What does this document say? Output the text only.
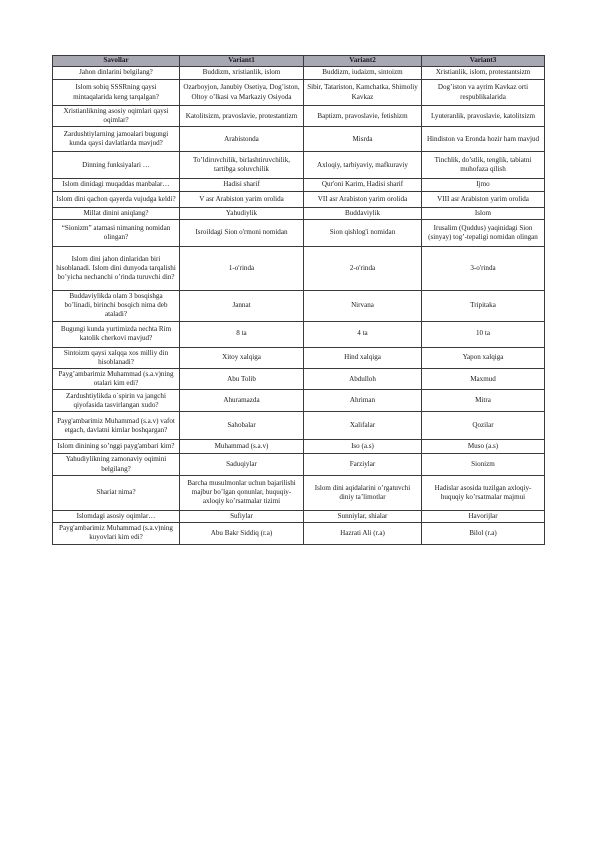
Savollar	Variant1	Variant2	Variant3
Jahon dinlarini belgilang?	Buddizm, xristianlik, islom	Buddizm, iudaizm, sintoizm	Xristianlik, islom, protestantsizm
Islom sobiq SSSRning qaysi mintaqalarida keng tarqalgan?	Ozarboyjon, Janubiy Osetiya, Dog’iston, Oltoy o’lkasi va Markaziy Osiyoda	Sibir, Tatariston, Kamchatka, Shimoliy Kavkaz	Dog’iston va ayrim Kavkaz orti respublikalarida
Xristianlikning asosiy oqimlari qaysi oqimlar?	Katolitsizm, pravoslavie, protestantizm	Baptizm, pravoslavie, fetishizm	Lyuteranlik, pravoslavie, katolitsizm
Zardushtiylarning jamoalari bugungi kunda qaysi davlatlarda mavjud?	Arabistonda	Misrda	Hindiston va Eronda hozir ham mavjud
Dinning funksiyalari …	To’ldiruvchilik, birlashtiruvchilik, tartibga soluvchilik	Axloqiy, tarbiyaviy, mafkuraviy	Tinchlik, do’stlik, tenglik, tabiatni muhofaza qilish
Islom dinidagi muqaddas manbalar…	Hadisi sharif	Qur'oni Karim, Hadisi sharif	Ijmo
Islom dini qachon qayerda vujudga keldi?	V asr Arabiston yarim orolida	VII asr Arabiston yarim orolida	VIII asr Arabiston yarim orolida
Millat dinini aniqlang?	Yahudiylik	Buddaviylik	Islom
“Sionizm” atamasi nimaning nomidan olingan?	Isroildagi Sion o'rmoni nomidan	Sion qishlog'i nomidan	Irusalim (Quddus) yaqinidagi Sion (sinyay) tog’-tepaligi nomidan olingan
Islom dini jahon dinlaridan biri hisoblanadi. Islom dini dunyoda tarqalishi bo’yicha nechanchi o’rinda turuvchi din?	1-o'rinda	2-o'rinda	3-o'rinda
Buddaviylikda olam 3 bosqishga bo’linadi, birinchi bosqich nima deb ataladi?	Jannat	Nirvana	Tripitaka
Bugungi kunda yurtimizda nechta Rim katolik cherkovi mavjud?	8 ta	4 ta	10 ta
Sintoizm qaysi xalqqa xos milliy din hisoblanadi?	Xitoy xalqiga	Hind xalqiga	Yapon xalqiga
Payg’ambarimiz Muhammad (s.a.v)ning otalari kim edi?	Abu Tolib	Abdulloh	Maxmud
Zardushtiylikda o`spirin va jangchi qiyofasida tasvirlangan xudo?	Ahuramazda	Ahriman	Mitra
Payg'ambarimiz Muhammad (s.a.v) vafot etgach, davlatni kimlar boshqargan?	Sahobalar	Xalifalar	Qozilar
Islom dinining so’nggi payg'ambari kim?	Muhammad (s.a.v)	Iso (a.s)	Muso (a.s)
Yahudiylikning zamonaviy oqimini belgilang?	Saduqiylar	Farziylar	Sionizm
Shariat nima?	Barcha musulmonlar uchun bajarilishi majbur bo’lgan qonunlar, huquqiy-axloqiy ko’rsatmalar tizimi	Islom dini aqidalarini o’rgatuvchi diniy ta’limotlar	Hadislar asosida tuzilgan axloqiy-huquqiy ko’rsatmalar majmui
Islomdagi asosiy oqimlar…	Sufiylar	Sunniylar, shialar	Havorijlar
Payg'ambarimiz Muhammad (s.a.v)ning kuyovlari kim edi?	Abu Bakr Siddiq (r.a)	Hazrati Ali (r.a)	Bilol (r.a)
